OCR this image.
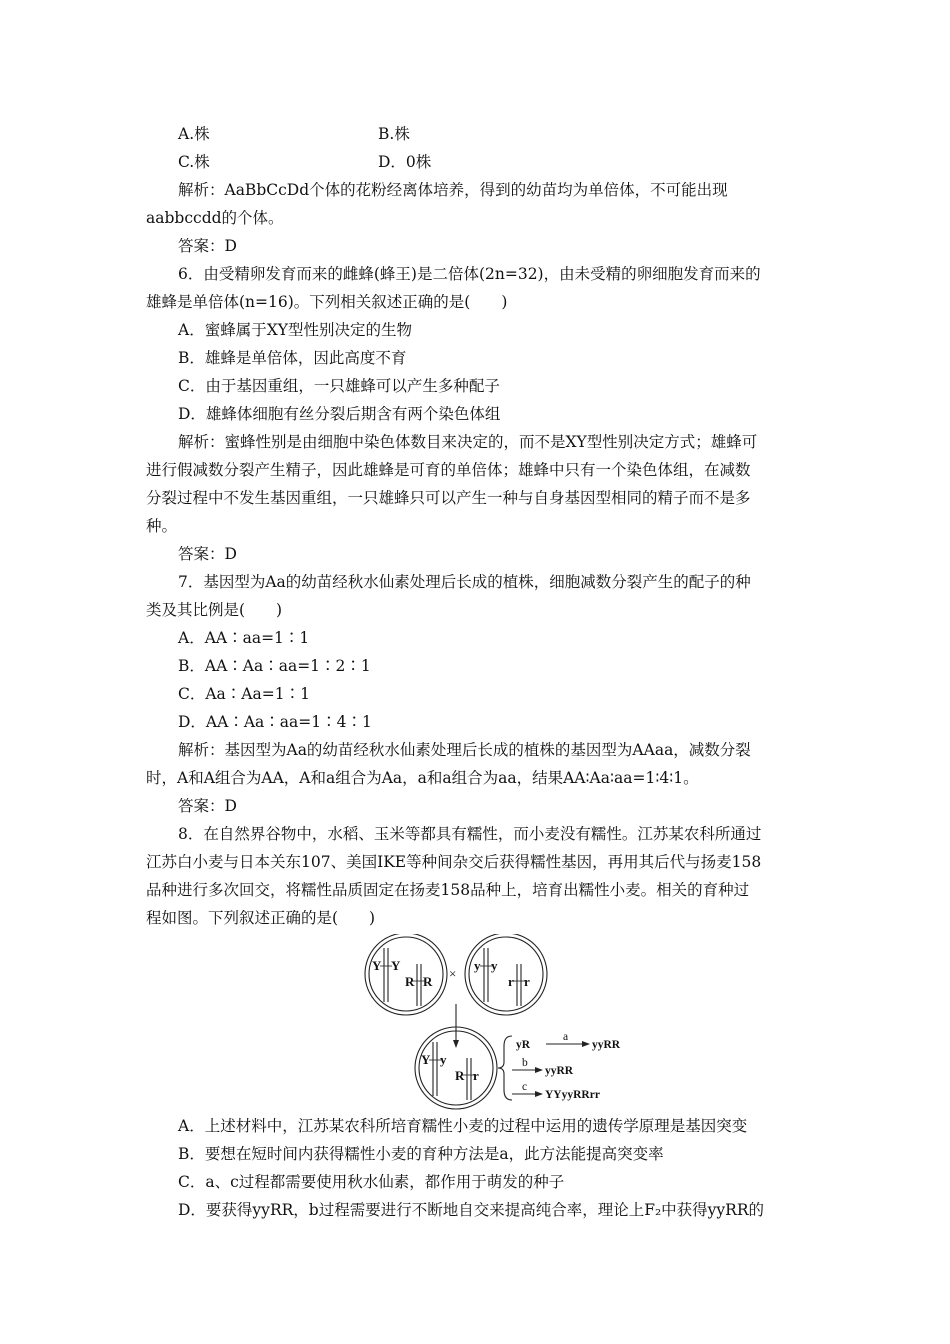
A.株	B.株
C.株	D．0株
解析：AaBbCcDd个体的花粉经离体培养，得到的幼苗均为单倍体，不可能出现
aabbccdd的个体。
答案：D
6．由受精卵发育而来的雌蜂(蜂王)是二倍体(2n=32)，由未受精的卵细胞发育而来的
雄蜂是单倍体(n=16)。下列相关叙述正确的是(　　)
A．蜜蜂属于XY型性别决定的生物
B．雄蜂是单倍体，因此高度不育
C．由于基因重组，一只雄蜂可以产生多种配子
D．雄蜂体细胞有丝分裂后期含有两个染色体组
解析：蜜蜂性别是由细胞中染色体数目来决定的，而不是XY型性别决定方式；雄蜂可
进行假减数分裂产生精子，因此雄蜂是可育的单倍体；雄蜂中只有一个染色体组，在减数
分裂过程中不发生基因重组，一只雄蜂只可以产生一种与自身基因型相同的精子而不是多
种。
答案：D
7．基因型为Aa的幼苗经秋水仙素处理后长成的植株，细胞减数分裂产生的配子的种
类及其比例是(　　)
A．AA∶aa=1∶1
B．AA∶Aa∶aa=1∶2∶1
C．Aa∶Aa=1∶1
D．AA∶Aa∶aa=1∶4∶1
解析：基因型为Aa的幼苗经秋水仙素处理后长成的植株的基因型为AAaa，减数分裂
时，A和A组合为AA，A和a组合为Aa，a和a组合为aa，结果AA∶Aa∶aa=1∶4∶1。
答案：D
8．在自然界谷物中，水稻、玉米等都具有糯性，而小麦没有糯性。江苏某农科所通过
江苏白小麦与日本关东107、美国IKE等种间杂交后获得糯性基因，再用其后代与扬麦158
品种进行多次回交，将糯性品质固定在扬麦158品种上，培育出糯性小麦。相关的育种过
程如图。下列叙述正确的是(　　)
Y Y
R R
×
y y
r r
Y y
R r
yR
a
yyRR
b
yyRR
c
YYyyRRrr
A．上述材料中，江苏某农科所培育糯性小麦的过程中运用的遗传学原理是基因突变
B．要想在短时间内获得糯性小麦的育种方法是a，此方法能提高突变率
C．a、c过程都需要使用秋水仙素，都作用于萌发的种子
D．要获得yyRR，b过程需要进行不断地自交来提高纯合率，理论上F₂中获得yyRR的
